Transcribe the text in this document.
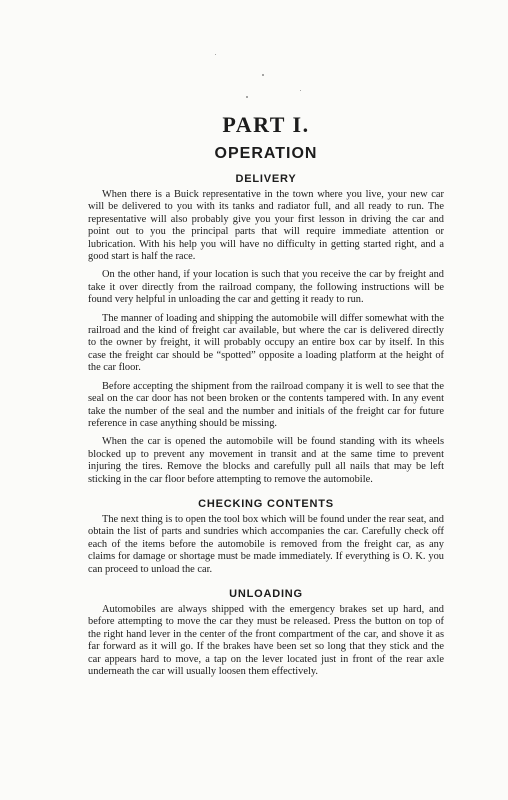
PART I.
OPERATION
DELIVERY

When there is a Buick representative in the town where you live, your new car will be delivered to you with its tanks and radiator full, and all ready to run. The representative will also probably give you your first lesson in driving the car and point out to you the principal parts that will require immediate attention or lubrication. With his help you will have no difficulty in getting started right, and a good start is half the race.

On the other hand, if your location is such that you receive the car by freight and take it over directly from the railroad company, the following instructions will be found very helpful in unloading the car and getting it ready to run.

The manner of loading and shipping the automobile will differ somewhat with the railroad and the kind of freight car available, but where the car is delivered directly to the owner by freight, it will probably occupy an entire box car by itself. In this case the freight car should be “spotted” opposite a loading platform at the height of the car floor.

Before accepting the shipment from the railroad company it is well to see that the seal on the car door has not been broken or the contents tampered with. In any event take the number of the seal and the number and initials of the freight car for future reference in case anything should be missing.

When the car is opened the automobile will be found standing with its wheels blocked up to prevent any movement in transit and at the same time to prevent injuring the tires. Remove the blocks and carefully pull all nails that may be left sticking in the car floor before attempting to remove the automobile.

CHECKING CONTENTS

The next thing is to open the tool box which will be found under the rear seat, and obtain the list of parts and sundries which accompanies the car. Carefully check off each of the items before the automobile is removed from the freight car, as any claims for damage or shortage must be made immediately. If everything is O. K. you can proceed to unload the car.

UNLOADING

Automobiles are always shipped with the emergency brakes set up hard, and before attempting to move the car they must be released. Press the button on top of the right hand lever in the center of the front compartment of the car, and shove it as far forward as it will go. If the brakes have been set so long that they stick and the car appears hard to move, a tap on the lever located just in front of the rear axle underneath the car will usually loosen them effectively.
